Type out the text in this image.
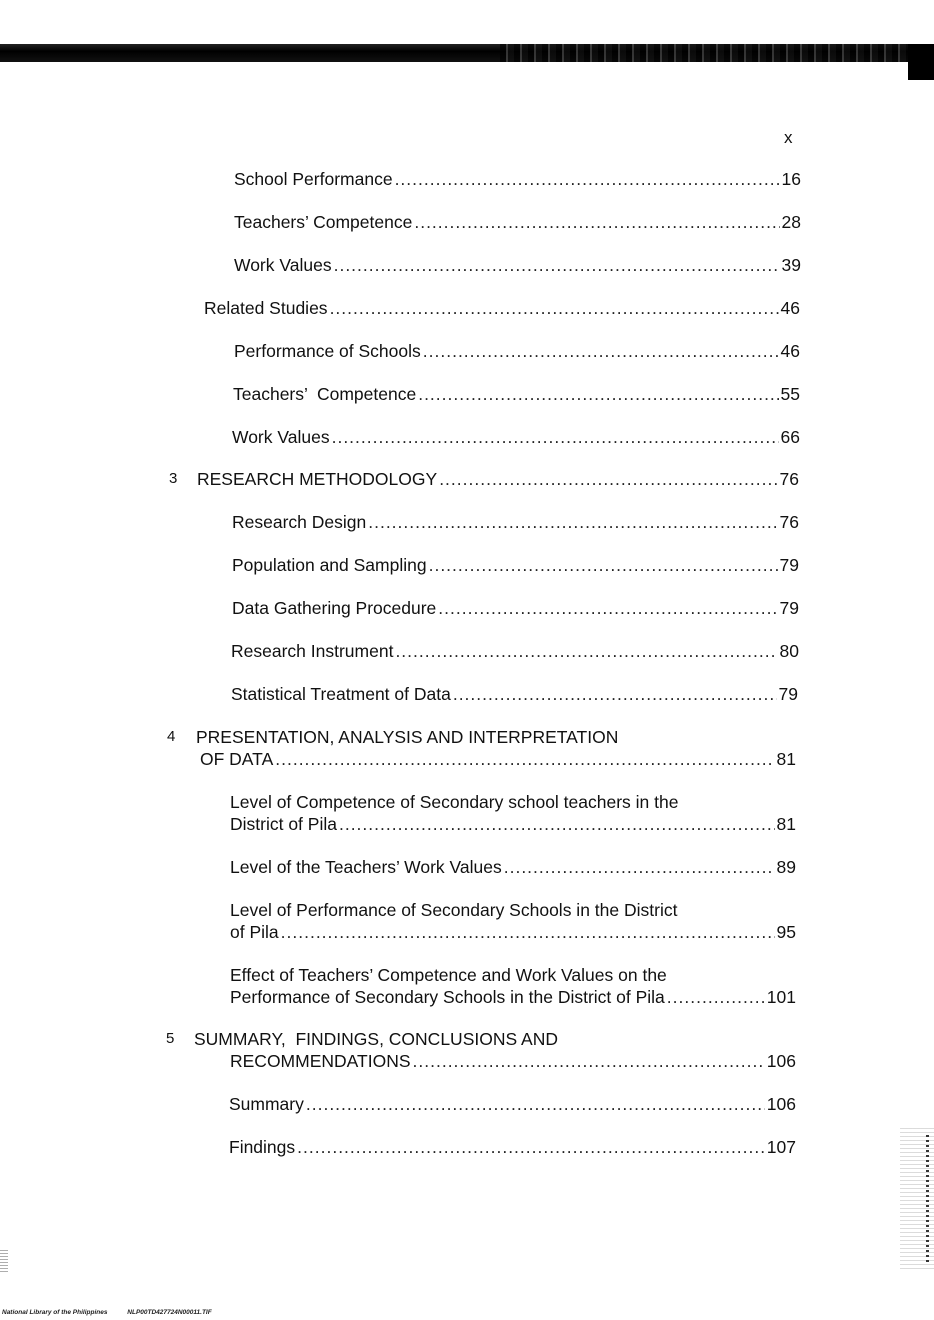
x
School Performance .....	16
Teachers’ Competence .....	28
Work Values .....	39
Related Studies .....	46
Performance of Schools .....	46
Teachers’  Competence .....	55
Work Values .....	66
3 RESEARCH METHODOLOGY .....	76
Research Design .....	76
Population and Sampling .....	79
Data Gathering Procedure .....	79
Research Instrument .....	80
Statistical Treatment of Data .....	79
4 PRESENTATION, ANALYSIS AND INTERPRETATION
OF DATA .....	81
Level of Competence of Secondary school teachers in the
District of Pila .....	81
Level of the Teachers’ Work Values .....	89
Level of Performance of Secondary Schools in the District
of Pila .....	95
Effect of Teachers’ Competence and Work Values on the
Performance of Secondary Schools in the District of Pila .....	101
5 SUMMARY,  FINDINGS, CONCLUSIONS AND
RECOMMENDATIONS .....	106
Summary .....	106
Findings .....	107
National Library of the Philippines	NLP00TD427724N00011.TIF
